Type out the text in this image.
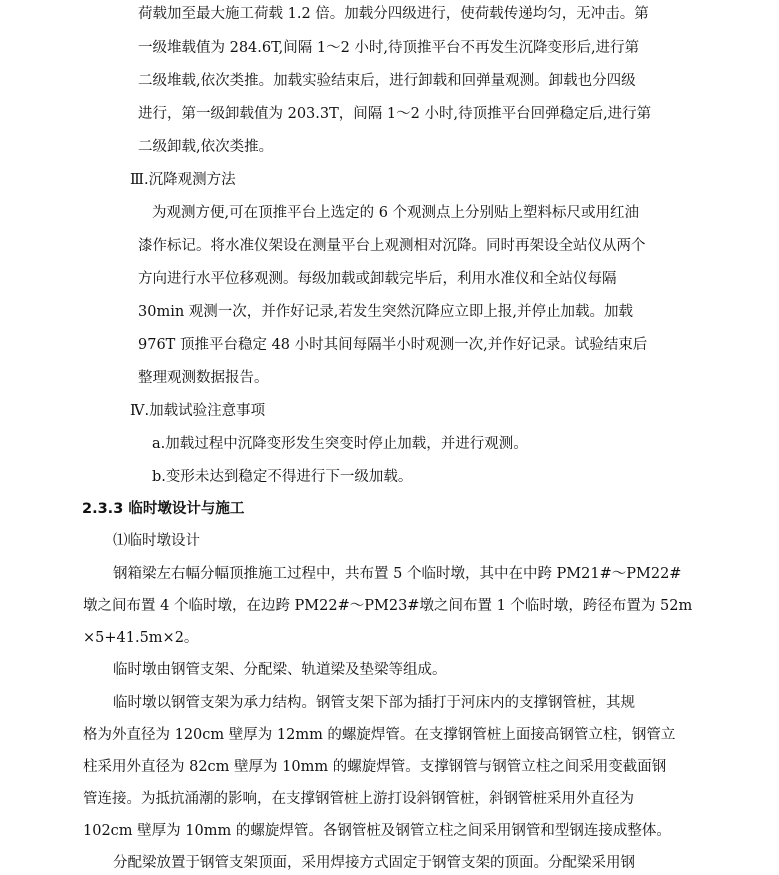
荷载加至最大施工荷载 1.2 倍。加载分四级进行，使荷载传递均匀，无冲击。第
一级堆载值为 284.6T,间隔 1～2 小时,待顶推平台不再发生沉降变形后,进行第
二级堆载,依次类推。加载实验结束后，进行卸载和回弹量观测。卸载也分四级
进行，第一级卸载值为 203.3T，间隔 1～2 小时,待顶推平台回弹稳定后,进行第
二级卸载,依次类推。
Ⅲ.沉降观测方法
为观测方便,可在顶推平台上选定的 6 个观测点上分别贴上塑料标尺或用红油
漆作标记。将水准仪架设在测量平台上观测相对沉降。同时再架设全站仪从两个
方向进行水平位移观测。每级加载或卸载完毕后，利用水准仪和全站仪每隔
30min 观测一次，并作好记录,若发生突然沉降应立即上报,并停止加载。加载
976T 顶推平台稳定 48 小时其间每隔半小时观测一次,并作好记录。试验结束后
整理观测数据报告。
Ⅳ.加载试验注意事项
a.加载过程中沉降变形发生突变时停止加载，并进行观测。
b.变形未达到稳定不得进行下一级加载。
2.3.3 临时墩设计与施工
⑴临时墩设计
钢箱梁左右幅分幅顶推施工过程中，共布置 5 个临时墩，其中在中跨 PM21#～PM22#
墩之间布置 4 个临时墩，在边跨 PM22#～PM23#墩之间布置 1 个临时墩，跨径布置为 52m
×5+41.5m×2。
临时墩由钢管支架、分配梁、轨道梁及垫梁等组成。
临时墩以钢管支架为承力结构。钢管支架下部为插打于河床内的支撑钢管桩，其规
格为外直径为 120cm 壁厚为 12mm 的螺旋焊管。在支撑钢管桩上面接高钢管立柱，钢管立
柱采用外直径为 82cm 壁厚为 10mm 的螺旋焊管。支撑钢管与钢管立柱之间采用变截面钢
管连接。为抵抗涌潮的影响，在支撑钢管桩上游打设斜钢管桩，斜钢管桩采用外直径为
102cm 壁厚为 10mm 的螺旋焊管。各钢管桩及钢管立柱之间采用钢管和型钢连接成整体。
分配梁放置于钢管支架顶面，采用焊接方式固定于钢管支架的顶面。分配梁采用钢
